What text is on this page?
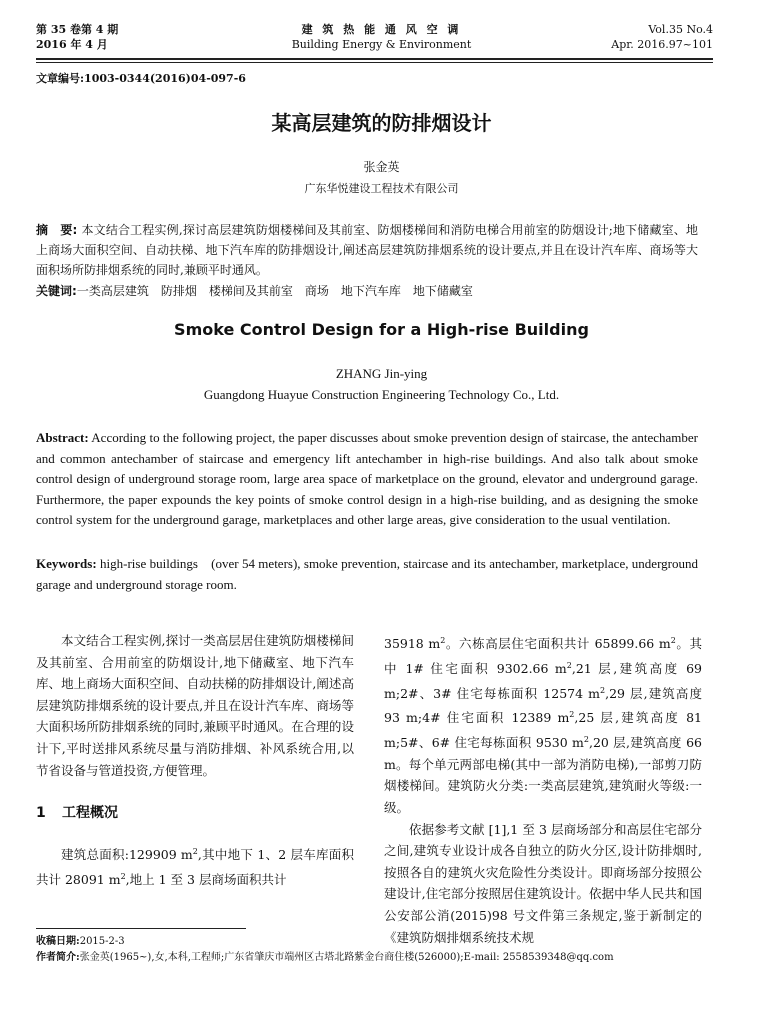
第 35 卷第 4 期
2016 年 4 月
建 筑 热 能 通 风 空 调
Building Energy & Environment
Vol.35 No.4
Apr. 2016.97~101
文章编号:1003-0344(2016)04-097-6
某高层建筑的防排烟设计
张金英
广东华悦建设工程技术有限公司
摘　要: 本文结合工程实例,探讨高层建筑防烟楼梯间及其前室、防烟楼梯间和消防电梯合用前室的防烟设计;地下储藏室、地上商场大面积空间、自动扶梯、地下汽车库的防排烟设计,阐述高层建筑防排烟系统的设计要点,并且在设计汽车库、商场等大面积场所防排烟系统的同时,兼顾平时通风。
关键词:一类高层建筑　防排烟　楼梯间及其前室　商场　地下汽车库　地下储藏室
Smoke Control Design for a High-rise Building
ZHANG Jin-ying
Guangdong Huayue Construction Engineering Technology Co., Ltd.
Abstract: According to the following project, the paper discusses about smoke prevention design of staircase, the antechamber and common antechamber of staircase and emergency lift antechamber in high-rise buildings. And also talk about smoke control design of underground storage room, large area space of marketplace on the ground, elevator and underground garage. Furthermore, the paper expounds the key points of smoke control design in a high-rise building, and as designing the smoke control system for the underground garage, marketplaces and other large areas, give consideration to the usual ventilation.
Keywords: high-rise buildings　(over 54 meters), smoke prevention, staircase and its antechamber, marketplace, underground garage and underground storage room.

本文结合工程实例,探讨一类高层居住建筑防烟楼梯间及其前室、合用前室的防烟设计,地下储藏室、地下汽车库、地上商场大面积空间、自动扶梯的防排烟设计,阐述高层建筑防排烟系统的设计要点,并且在设计汽车库、商场等大面积场所防排烟系统的同时,兼顾平时通风。在合理的设计下,平时送排风系统尽量与消防排烟、补风系统合用,以节省设备与管道投资,方便管理。

1 工程概况

建筑总面积:129909 $m^2$,其中地下 1、2 层车库面积共计 28091 $m^2$,地上 1 至 3 层商场面积共计

35918 $m^2$。六栋高层住宅面积共计 65899.66 $m^2$。其中 1# 住宅面积 9302.66 $m^2,21$ 层,建筑高度 69 m;2#、3# 住宅每栋面积 12574 $m^2,29$ 层,建筑高度 93 m;4# 住宅面积 12389 $m^2,25$ 层,建筑高度 81 m;5#、6# 住宅每栋面积 9530 $m^2,20$ 层,建筑高度 66 m。每个单元两部电梯(其中一部为消防电梯),一部剪刀防烟楼梯间。建筑防火分类:一类高层建筑,建筑耐火等级:一级。

依据参考文献 [1],1 至 3 层商场部分和高层住宅部分之间,建筑专业设计成各自独立的防火分区,设计防排烟时,按照各自的建筑火灾危险性分类设计。即商场部分按照公建设计,住宅部分按照居住建筑设计。依据中华人民共和国公安部公消(2015)98 号文件第三条规定,鉴于新制定的《建筑防烟排烟系统技术规

收稿日期:2015-2-3
作者简介:张金英(1965~),女,本科,工程师;广东省肇庆市端州区古塔北路紫金台商住楼(526000);E-mail: 2558539348@qq.com
